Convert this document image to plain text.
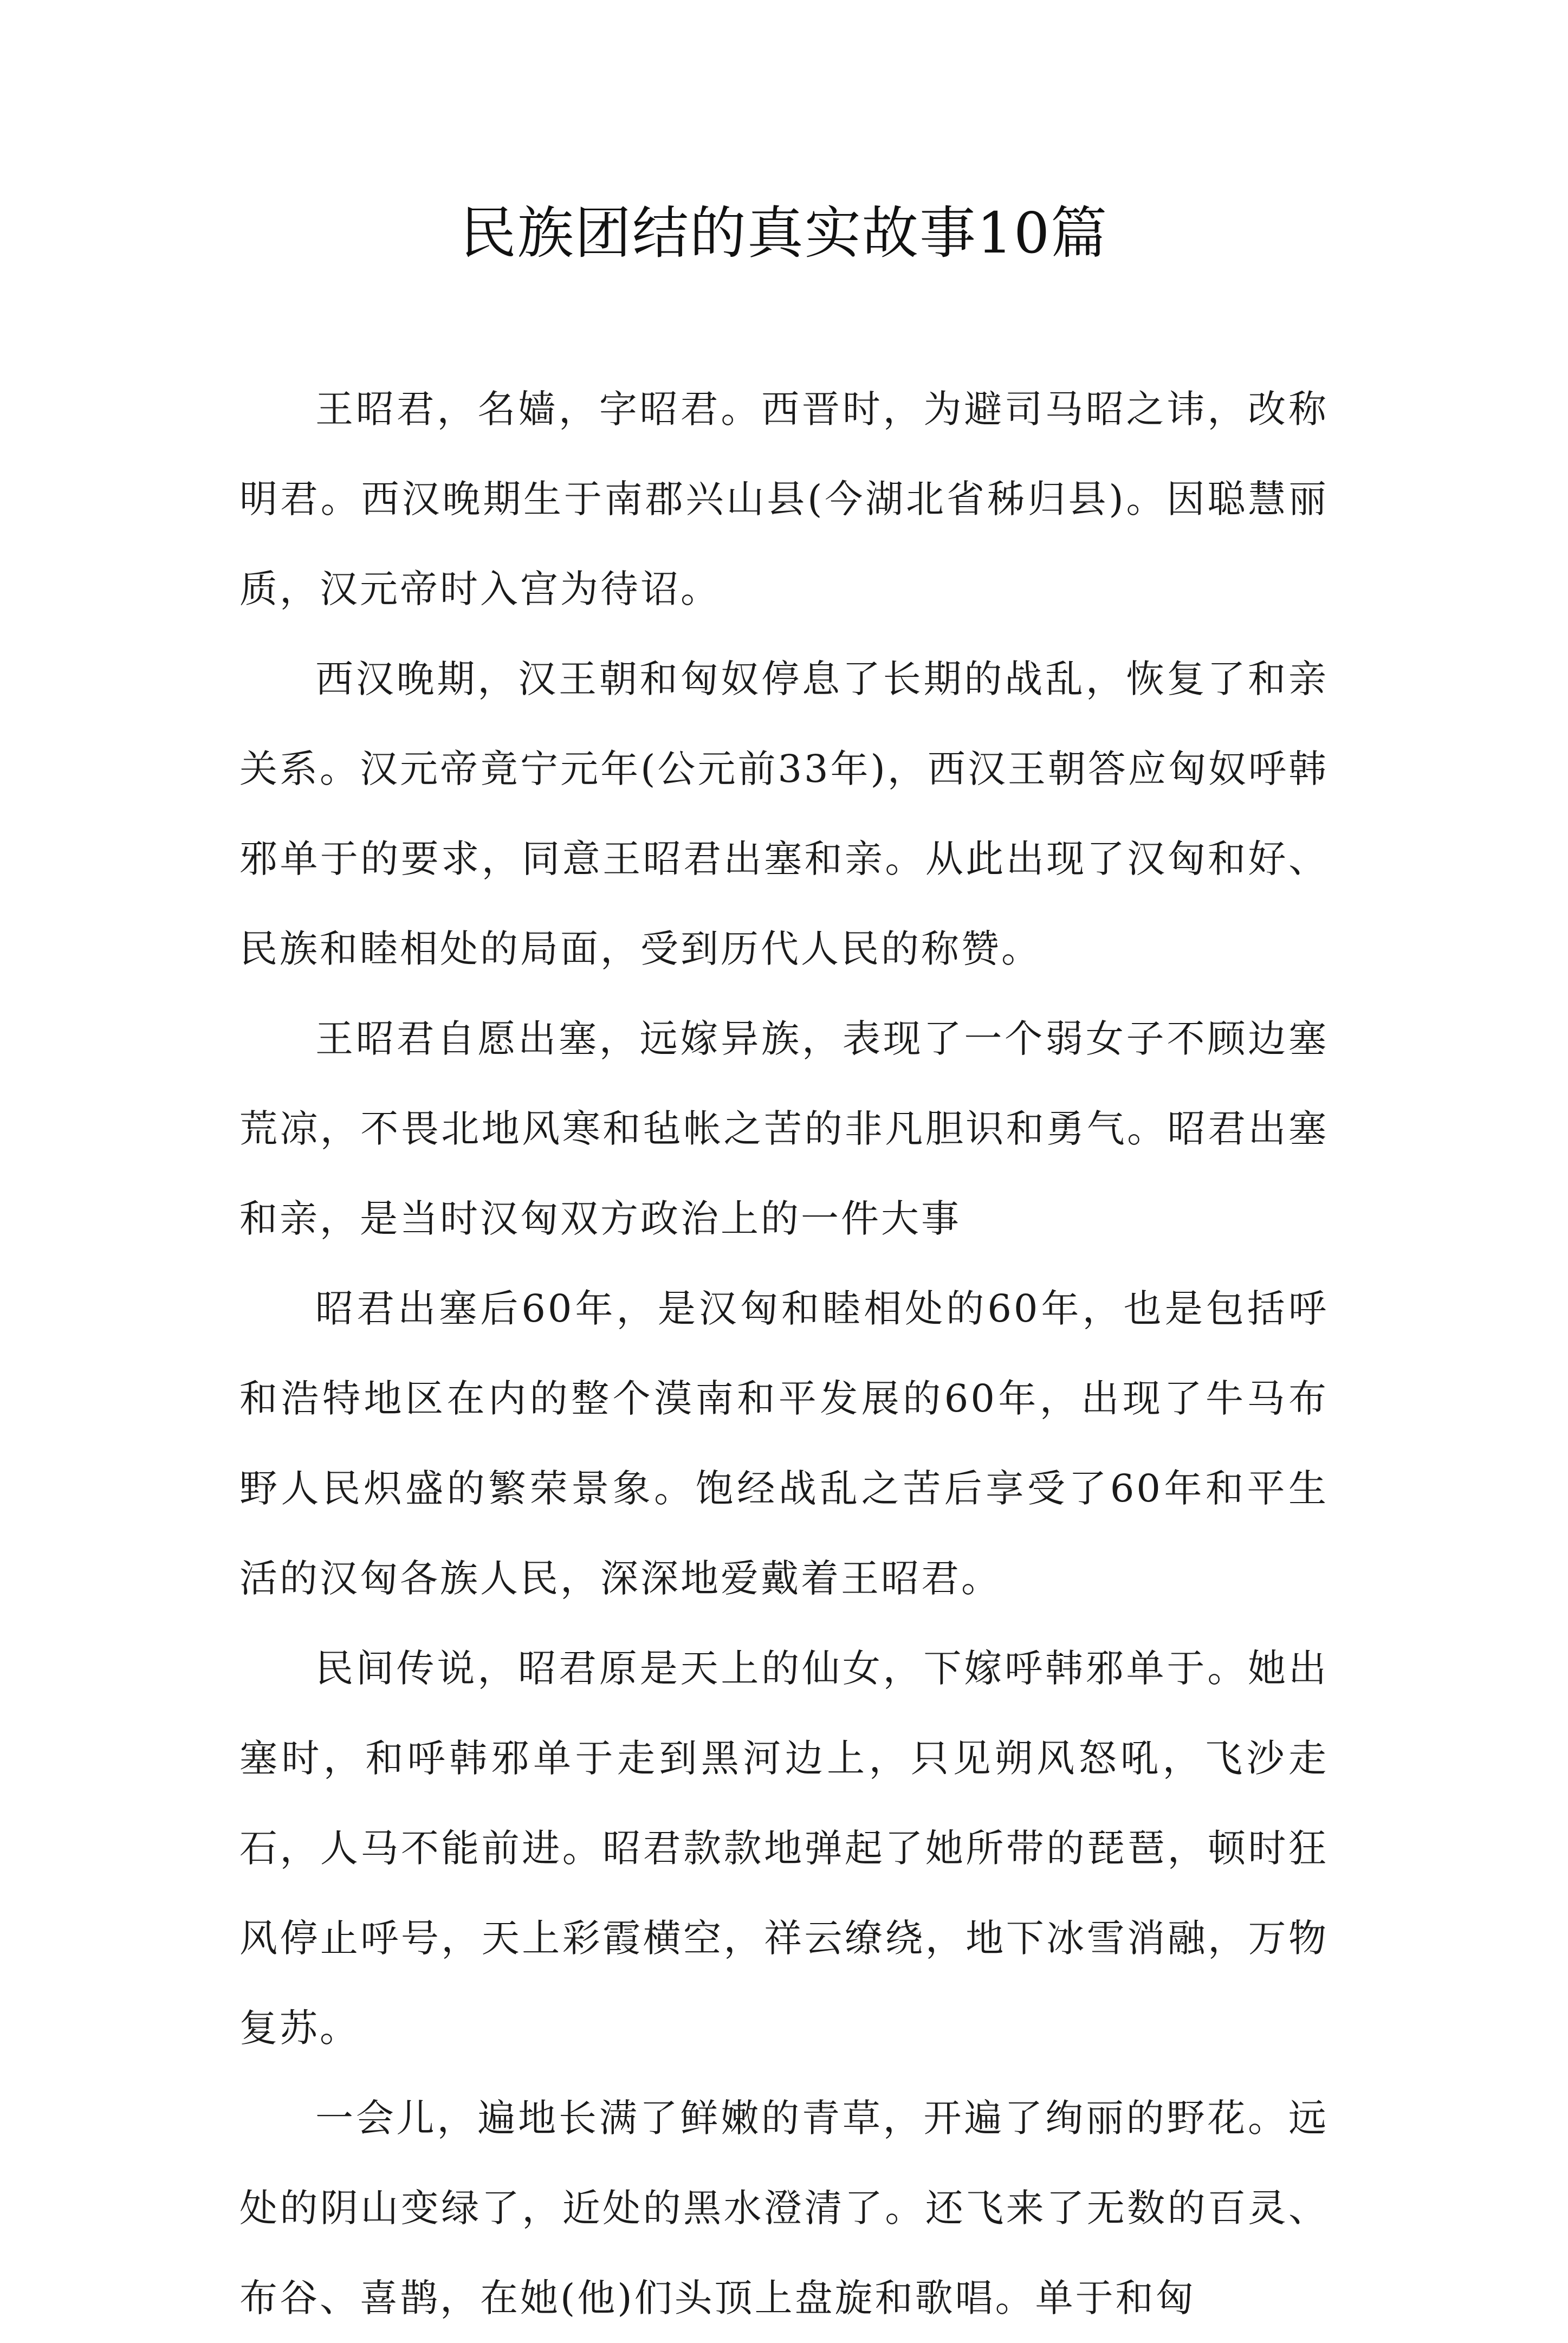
民族团结的真实故事10篇

王昭君，名嫱，字昭君。西晋时，为避司马昭之讳，改称明君。西汉晚期生于南郡兴山县(今湖北省秭归县)。因聪慧丽质，汉元帝时入宫为待诏。

西汉晚期，汉王朝和匈奴停息了长期的战乱，恢复了和亲关系。汉元帝竟宁元年(公元前33年)，西汉王朝答应匈奴呼韩邪单于的要求，同意王昭君出塞和亲。从此出现了汉匈和好、民族和睦相处的局面，受到历代人民的称赞。

王昭君自愿出塞，远嫁异族，表现了一个弱女子不顾边塞荒凉，不畏北地风寒和毡帐之苦的非凡胆识和勇气。昭君出塞和亲，是当时汉匈双方政治上的一件大事

昭君出塞后60年，是汉匈和睦相处的60年，也是包括呼和浩特地区在内的整个漠南和平发展的60年，出现了牛马布野人民炽盛的繁荣景象。饱经战乱之苦后享受了60年和平生活的汉匈各族人民，深深地爱戴着王昭君。

民间传说，昭君原是天上的仙女，下嫁呼韩邪单于。她出塞时，和呼韩邪单于走到黑河边上，只见朔风怒吼，飞沙走石，人马不能前进。昭君款款地弹起了她所带的琵琶，顿时狂风停止呼号，天上彩霞横空，祥云缭绕，地下冰雪消融，万物复苏。

一会儿，遍地长满了鲜嫩的青草，开遍了绚丽的野花。远处的阴山变绿了，近处的黑水澄清了。还飞来了无数的百灵、布谷、喜鹊，在她(他)们头顶上盘旋和歌唱。单于和匈
